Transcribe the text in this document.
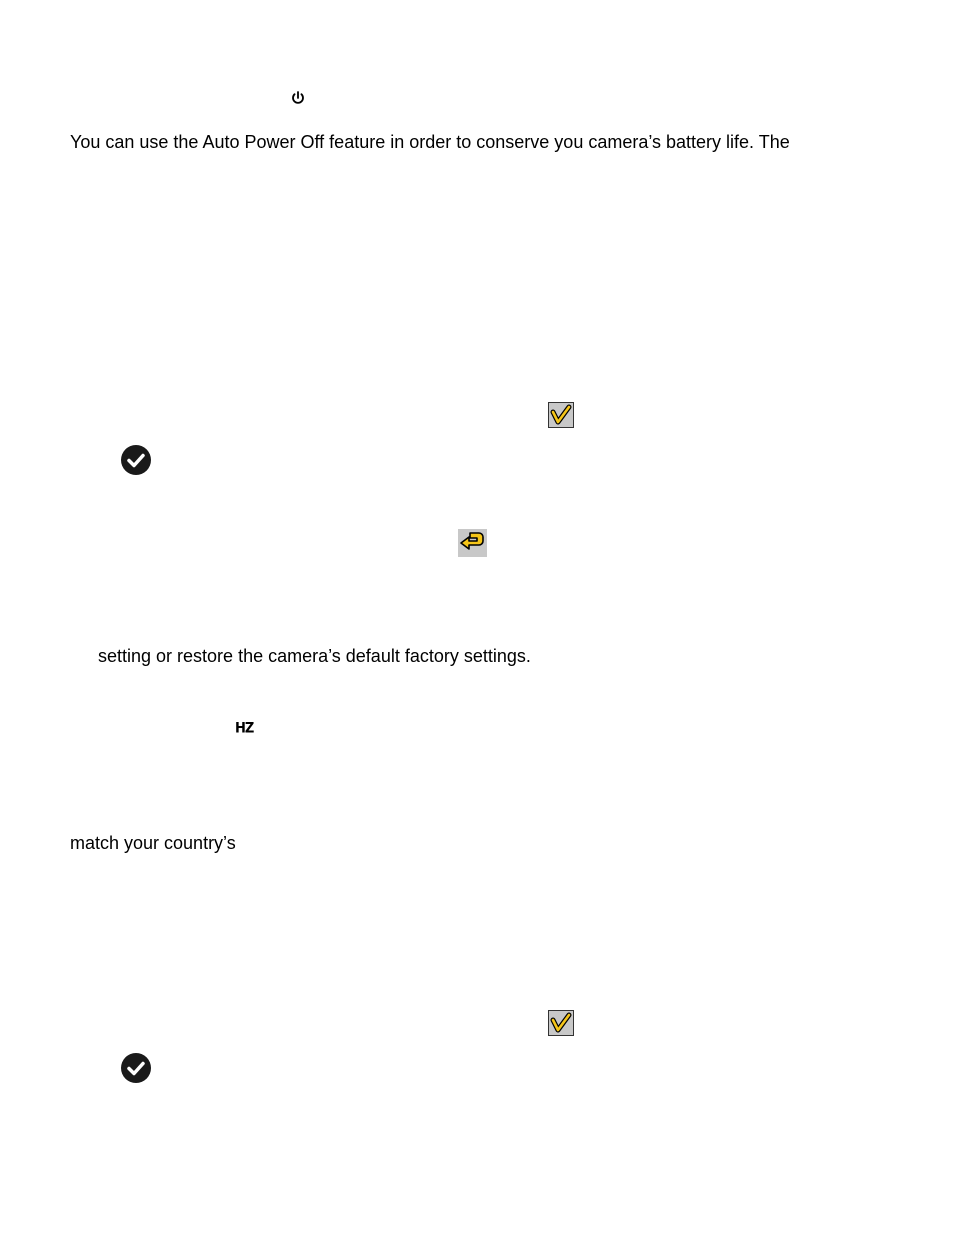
You can use the Auto Power Off feature in order to conserve you camera’s battery life. The
setting or restore the camera’s default factory settings.
HZ
match your country’s
